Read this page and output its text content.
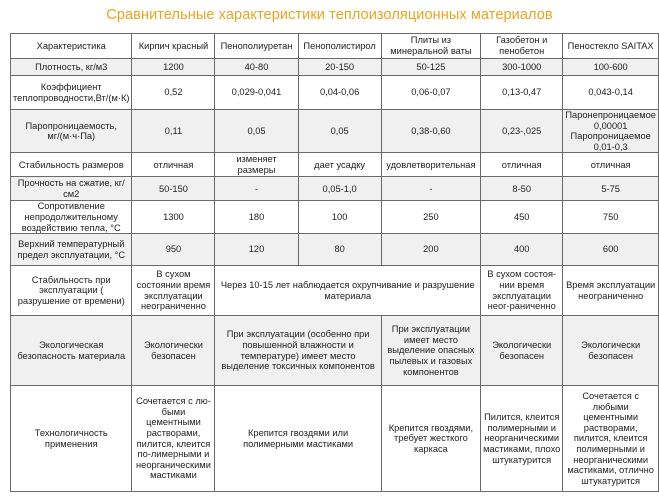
Сравнительные характеристики теплоизоляционных материалов
Характеристика	Кирпич красный	Пенополиуретан	Пенополистирол	Плиты из минеральной ваты	Газобетон и пенобетон	Пеностекло SAITAX
Плотность, кг/м3	1200	40-80	20-150	50-125	300-1000	100-600
Коэффициент теплопроводности,Вт/(м·К)	0,52	0,029-0,041	0,04-0,06	0,06-0,07	0,13-0,47	0,043-0,14
Паропроницаемость, мг/(м·ч·Па)	0,11	0,05	0,05	0,38-0,60	0,23-,025	Паронепроницаемое 0,00001 Паропроницаемое 0,01-0,3
Стабильность размеров	отличная	изменяет размеры	дает усадку	удовлетворительная	отличная	отличная
Прочность на сжатие, кг/см2	50-150	-	0,05-1,0	-	8-50	5-75
Сопротивление непродолжительному воздействию тепла, °C	1300	180	100	250	450	750
Верхний температурный предел эксплуатации, °C	950	120	80	200	400	600
Стабильность при эксплуатации ( разрушение от времени)	В сухом состоянии время эксплуатации неограниченно	Через 10-15 лет наблюдается охрупчивание и разрушение материала			В сухом состоя-нии время эксплуатации неог-раниченно	Время эксплуатации неограниченно
Экологическая безопасность материала	Экологически безопасен	При эксплуатации (особенно при повышенной влажности и температуре) имеет место выделение токсичных компонентов		При эксплуатации имеет место выделение опасных пылевых и газовых компонентов	Экологически безопасен	Экологически безопасен
Технологичность применения	Сочетается с лю-быми цементными растворами, пилится, клеится по-лимерными и неорганическими мастиками	Крепится гвоздями или полимерными мастиками		Крепится гвоздями, требует жесткого каркаса	Пилится, клеится полимерными и неорганическими мастиками, плохо штукатурится	Сочетается с любыми цементными растворами, пилится, клеится полимерными и неорганическими мастиками, отлично штукатурится
